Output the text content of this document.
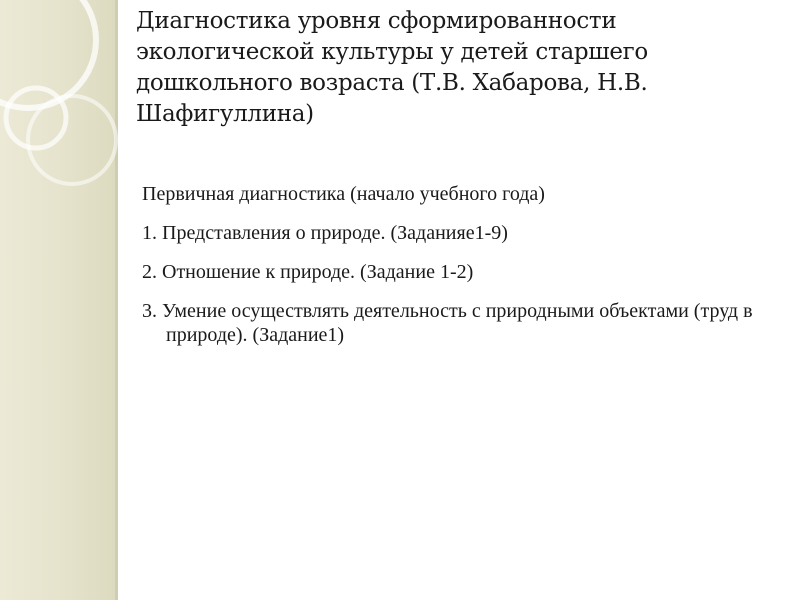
Диагностика уровня сформированности экологической культуры у детей старшего дошкольного возраста (Т.В. Хабарова, Н.В. Шафигуллина)

Первичная диагностика (начало учебного года)

1. Представления о природе. (Заданияе1-9)

2. Отношение к природе. (Задание 1-2)

3. Умение осуществлять деятельность с природными объектами (труд в природе). (Задание1)
